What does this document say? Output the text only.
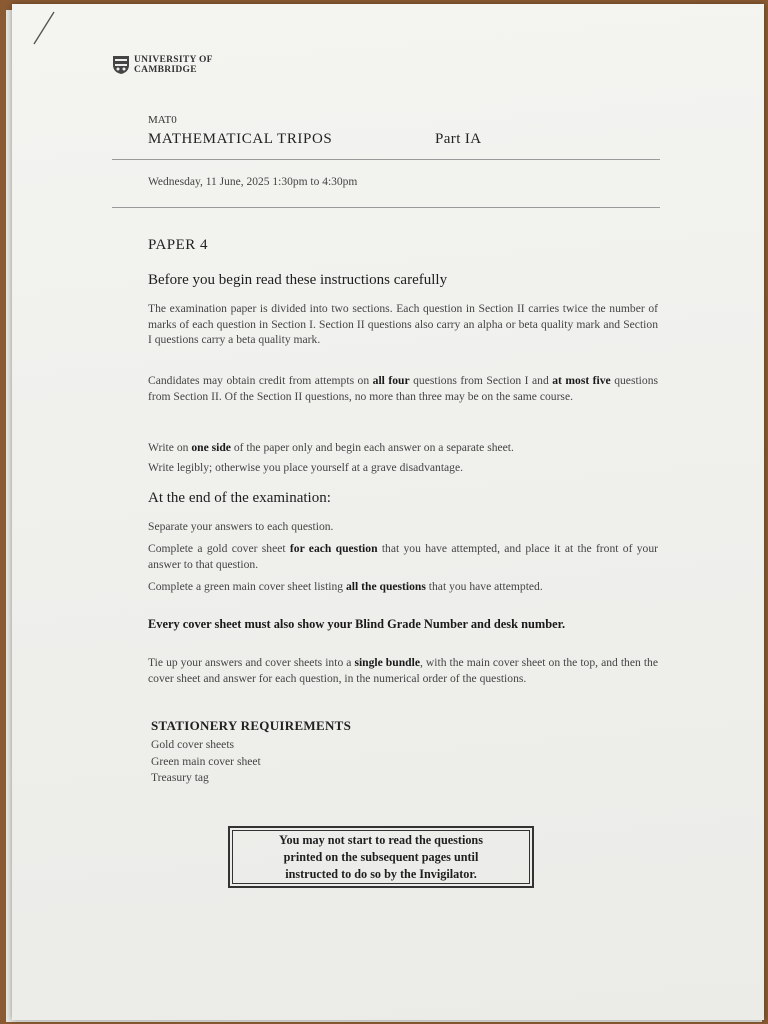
UNIVERSITY OF
CAMBRIDGE
MAT0
MATHEMATICAL TRIPOS	Part IA
Wednesday, 11 June, 2025 1:30pm to 4:30pm
PAPER 4
Before you begin read these instructions carefully
The examination paper is divided into two sections. Each question in Section II carries twice the number of marks of each question in Section I. Section II questions also carry an alpha or beta quality mark and Section I questions carry a beta quality mark.
Candidates may obtain credit from attempts on all four questions from Section I and at most five questions from Section II. Of the Section II questions, no more than three may be on the same course.
Write on one side of the paper only and begin each answer on a separate sheet.
Write legibly; otherwise you place yourself at a grave disadvantage.
At the end of the examination:
Separate your answers to each question.
Complete a gold cover sheet for each question that you have attempted, and place it at the front of your answer to that question.
Complete a green main cover sheet listing all the questions that you have attempted.
Every cover sheet must also show your Blind Grade Number and desk number.
Tie up your answers and cover sheets into a single bundle, with the main cover sheet on the top, and then the cover sheet and answer for each question, in the numerical order of the questions.
STATIONERY REQUIREMENTS
Gold cover sheets
Green main cover sheet
Treasury tag
You may not start to read the questions
printed on the subsequent pages until
instructed to do so by the Invigilator.
